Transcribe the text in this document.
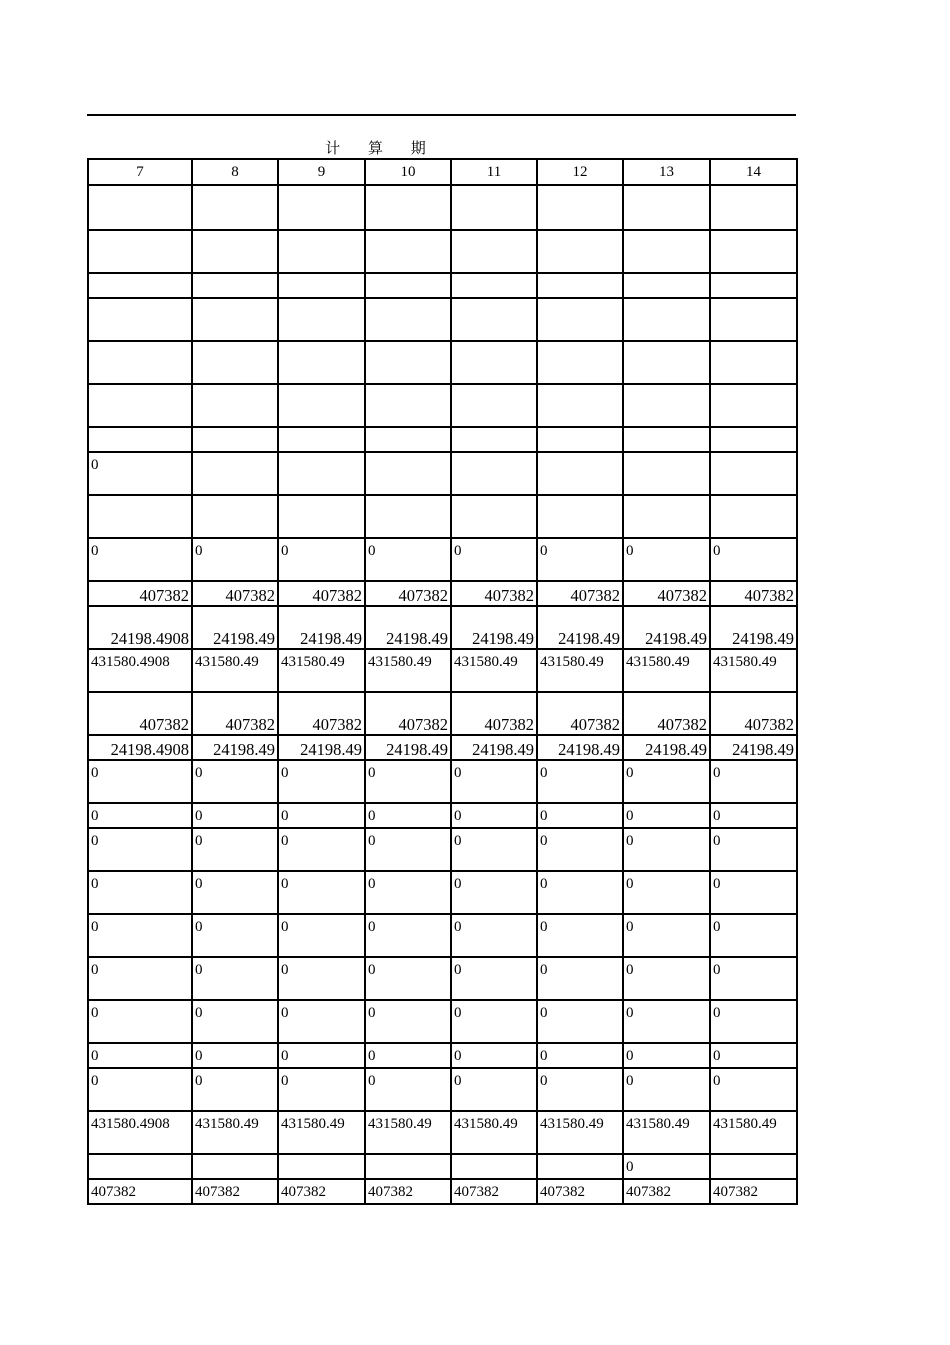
计 算 期
7	8	9	10	11	12	13	14

0							

0	0	0	0	0	0	0	0
407382	407382	407382	407382	407382	407382	407382	407382
24198.4908	24198.49	24198.49	24198.49	24198.49	24198.49	24198.49	24198.49
431580.4908	431580.49	431580.49	431580.49	431580.49	431580.49	431580.49	431580.49
407382	407382	407382	407382	407382	407382	407382	407382
24198.4908	24198.49	24198.49	24198.49	24198.49	24198.49	24198.49	24198.49
0	0	0	0	0	0	0	0
0	0	0	0	0	0	0	0
0	0	0	0	0	0	0	0
0	0	0	0	0	0	0	0
0	0	0	0	0	0	0	0
0	0	0	0	0	0	0	0
0	0	0	0	0	0	0	0
0	0	0	0	0	0	0	0
0	0	0	0	0	0	0	0
431580.4908	431580.49	431580.49	431580.49	431580.49	431580.49	431580.49	431580.49
						0	
407382	407382	407382	407382	407382	407382	407382	407382
